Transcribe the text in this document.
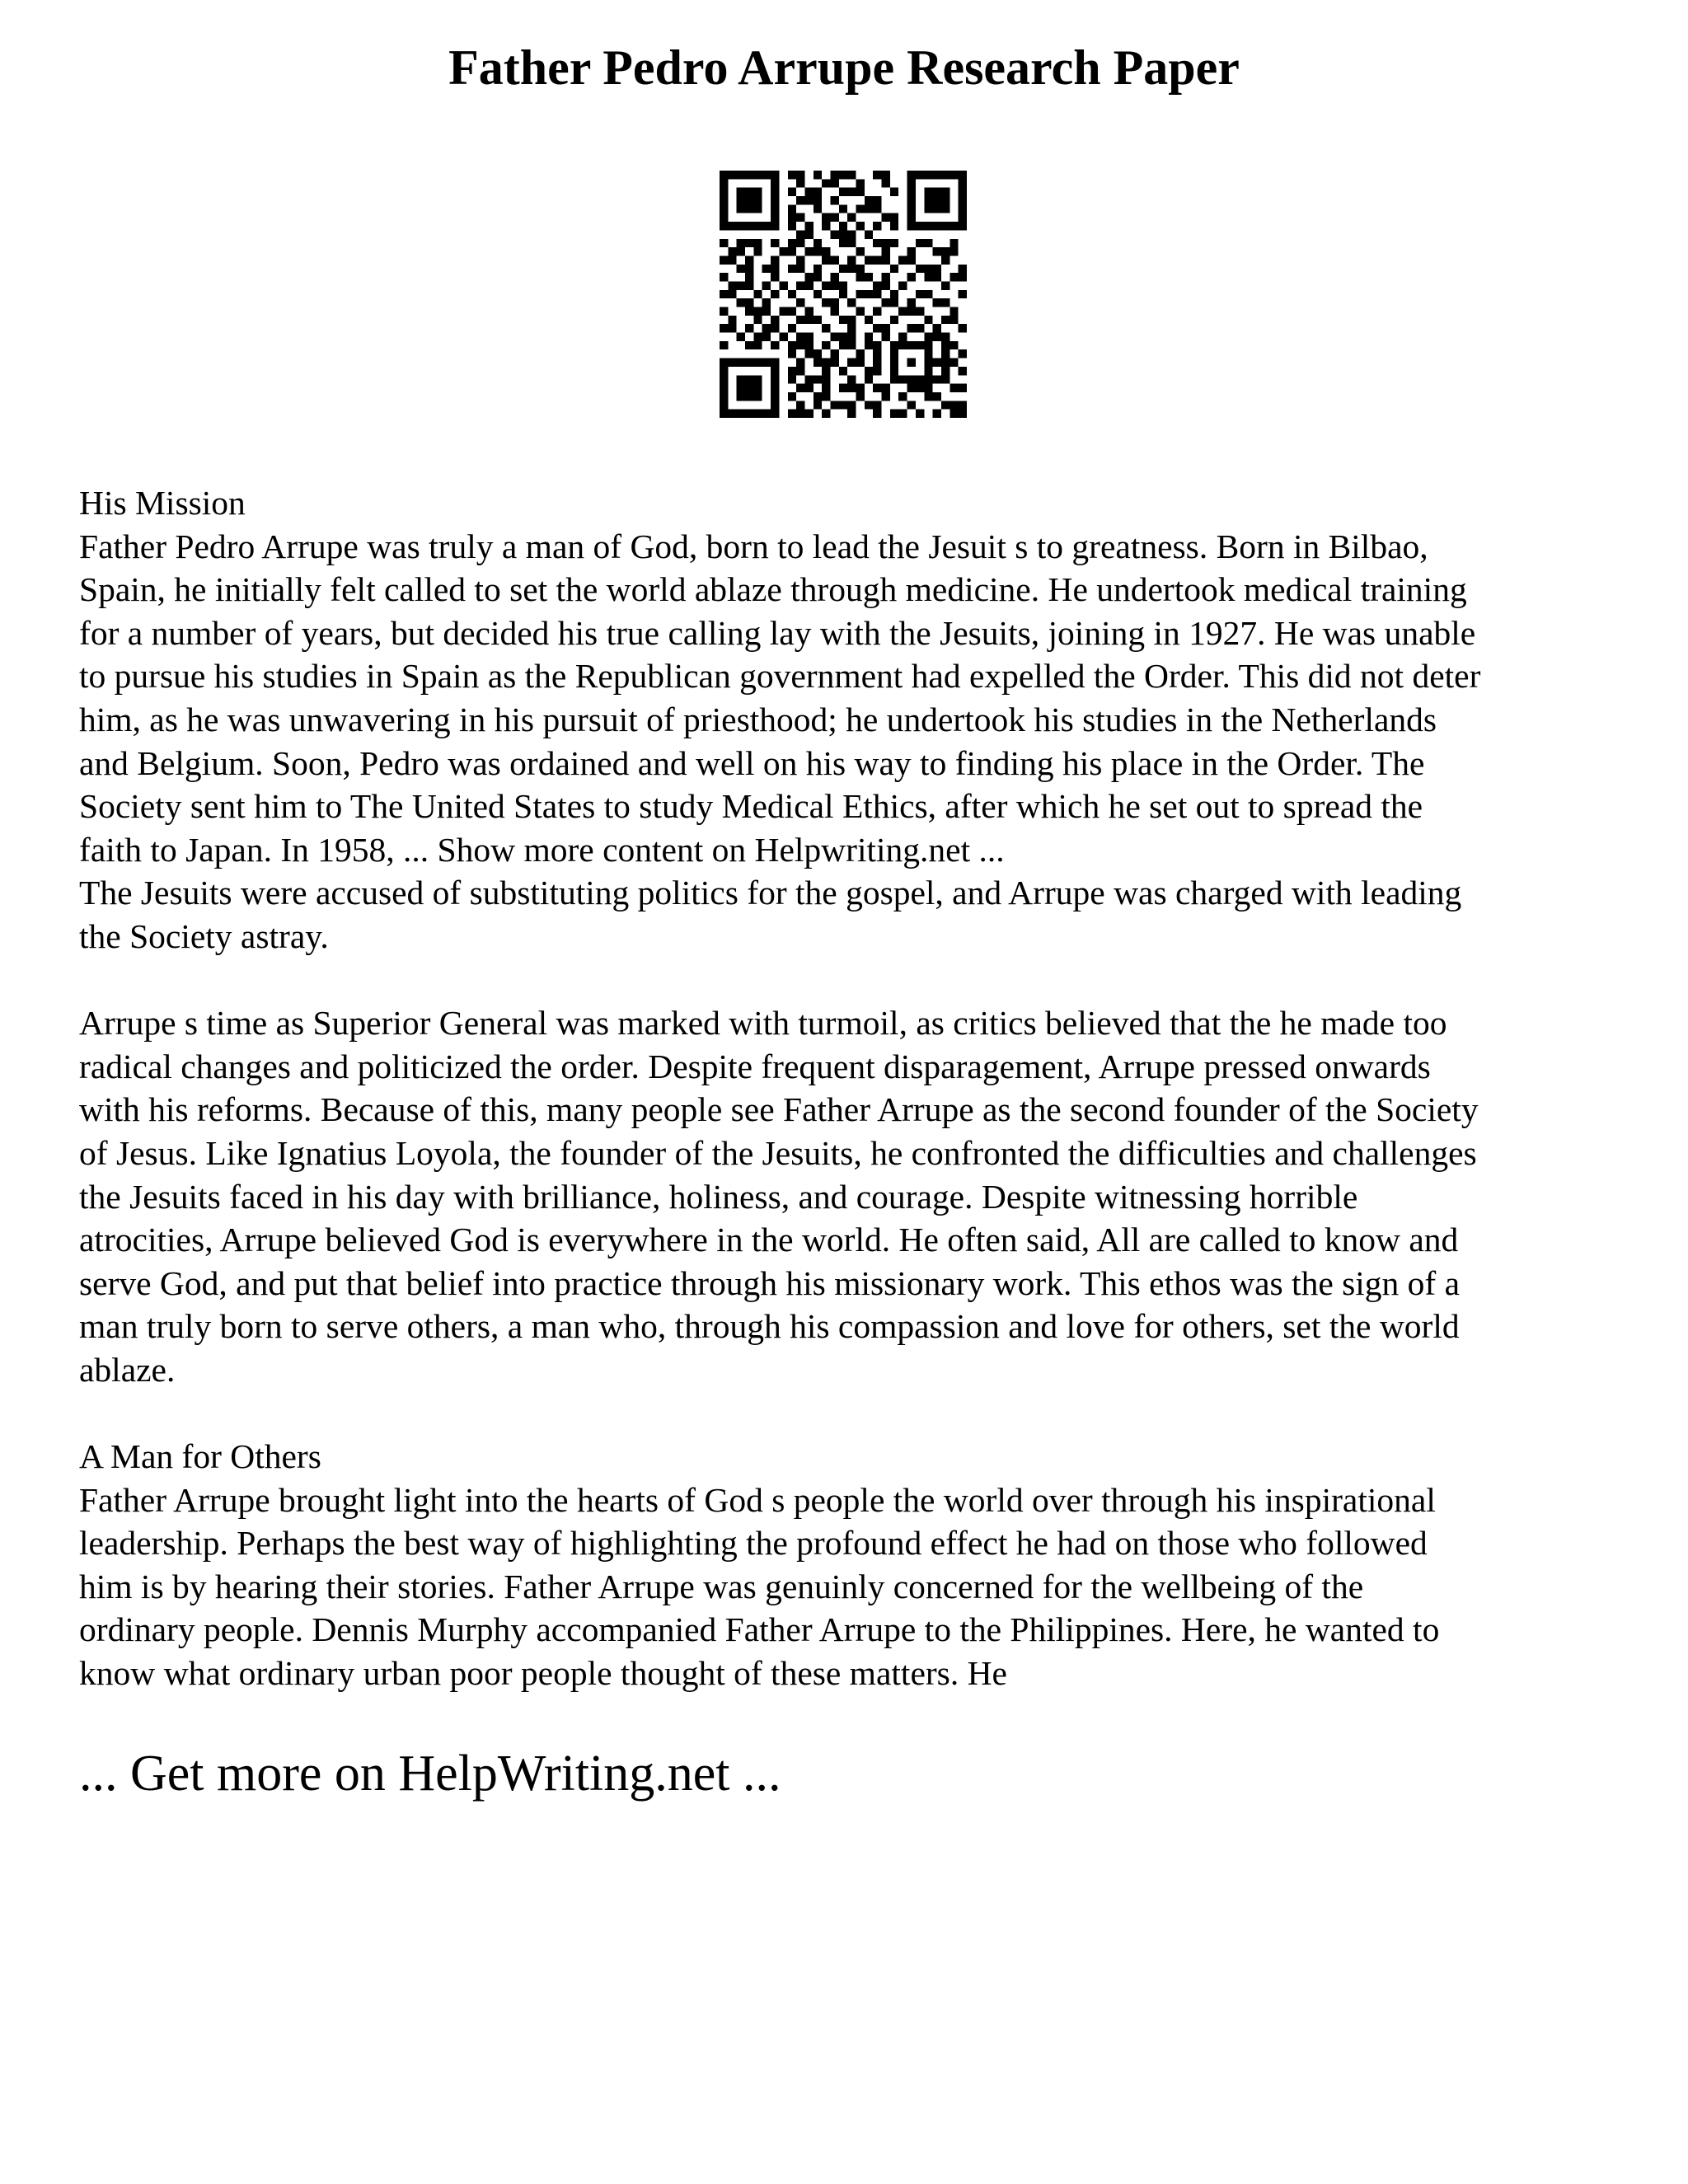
Father Pedro Arrupe Research Paper
His Mission
Father Pedro Arrupe was truly a man of God, born to lead the Jesuit s to greatness. Born in Bilbao,
Spain, he initially felt called to set the world ablaze through medicine. He undertook medical training
for a number of years, but decided his true calling lay with the Jesuits, joining in 1927. He was unable
to pursue his studies in Spain as the Republican government had expelled the Order. This did not deter
him, as he was unwavering in his pursuit of priesthood; he undertook his studies in the Netherlands
and Belgium. Soon, Pedro was ordained and well on his way to finding his place in the Order. The
Society sent him to The United States to study Medical Ethics, after which he set out to spread the
faith to Japan. In 1958, ... Show more content on Helpwriting.net ...
The Jesuits were accused of substituting politics for the gospel, and Arrupe was charged with leading
the Society astray.
Arrupe s time as Superior General was marked with turmoil, as critics believed that the he made too
radical changes and politicized the order. Despite frequent disparagement, Arrupe pressed onwards
with his reforms. Because of this, many people see Father Arrupe as the second founder of the Society
of Jesus. Like Ignatius Loyola, the founder of the Jesuits, he confronted the difficulties and challenges
the Jesuits faced in his day with brilliance, holiness, and courage. Despite witnessing horrible
atrocities, Arrupe believed God is everywhere in the world. He often said, All are called to know and
serve God, and put that belief into practice through his missionary work. This ethos was the sign of a
man truly born to serve others, a man who, through his compassion and love for others, set the world
ablaze.
A Man for Others
Father Arrupe brought light into the hearts of God s people the world over through his inspirational
leadership. Perhaps the best way of highlighting the profound effect he had on those who followed
him is by hearing their stories. Father Arrupe was genuinly concerned for the wellbeing of the
ordinary people. Dennis Murphy accompanied Father Arrupe to the Philippines. Here, he wanted to
know what ordinary urban poor people thought of these matters. He
... Get more on HelpWriting.net ...
